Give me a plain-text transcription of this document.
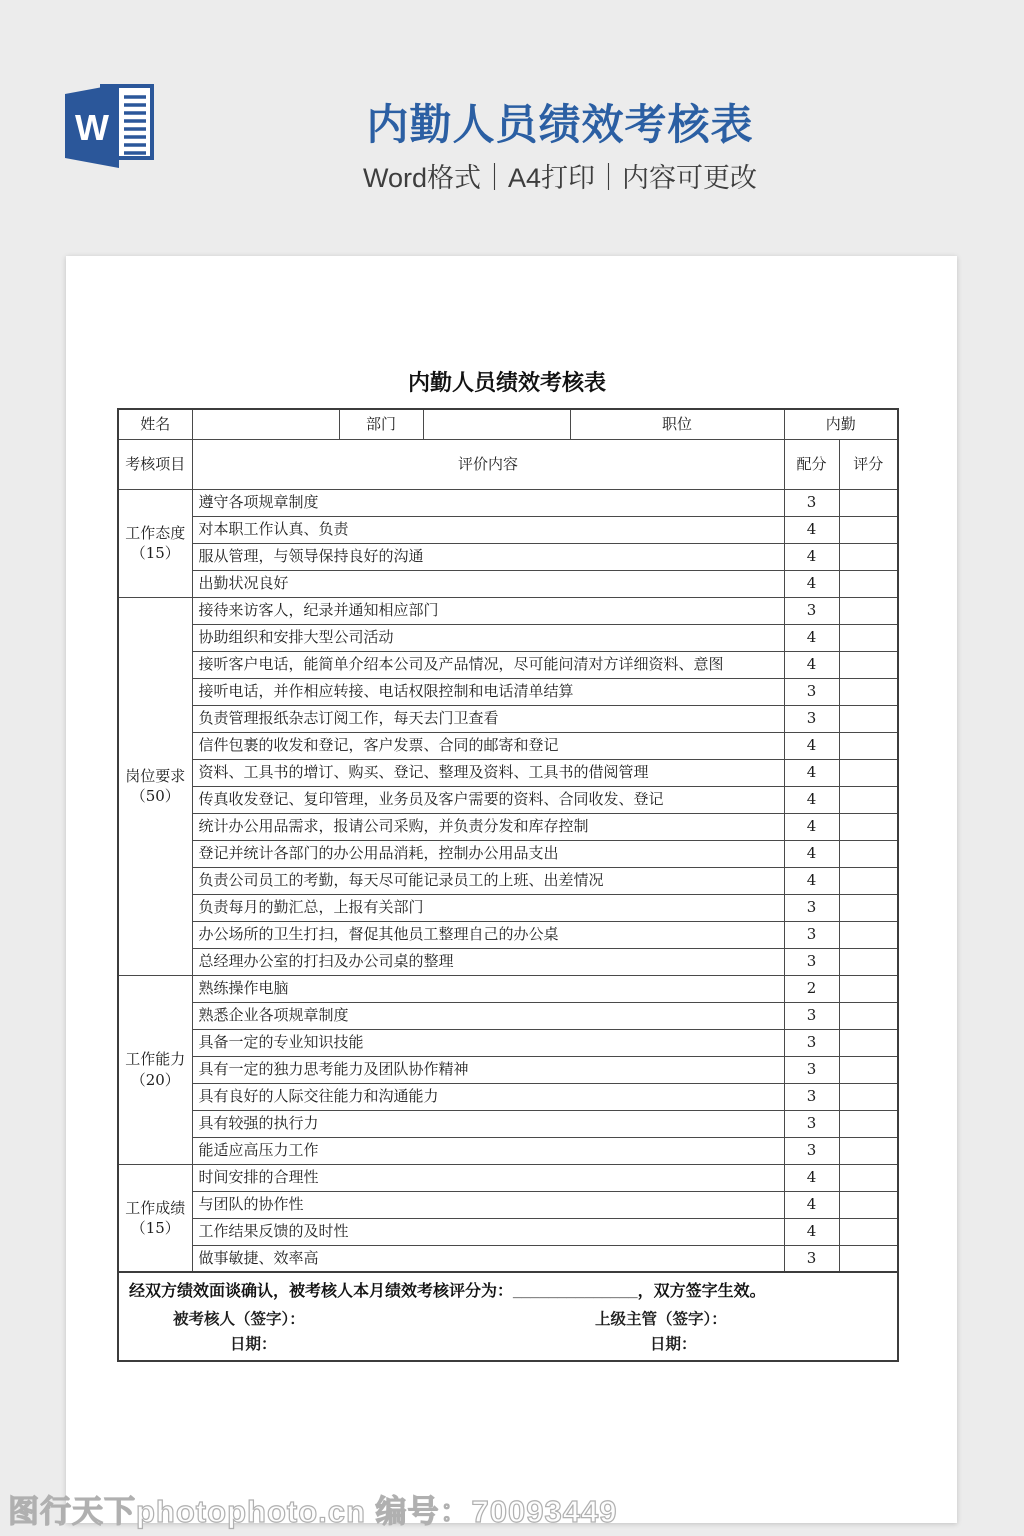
W	内勤人员绩效考核表
Word格式｜A4打印｜内容可更改
内勤人员绩效考核表
姓名		部门		职位	内勤	
考核项目	评价内容				配分	评分
工作态度（15）	遵守各项规章制度				3	
	对本职工作认真、负责				4	
	服从管理，与领导保持良好的沟通				4	
	出勤状况良好				4	
岗位要求（50）	接待来访客人，纪录并通知相应部门				3	
	协助组织和安排大型公司活动				4	
	接听客户电话，能简单介绍本公司及产品情况，尽可能问清对方详细资料、意图				4	
	接听电话，并作相应转接、电话权限控制和电话清单结算				3	
	负责管理报纸杂志订阅工作，每天去门卫查看				3	
	信件包裹的收发和登记，客户发票、合同的邮寄和登记				4	
	资料、工具书的增订、购买、登记、整理及资料、工具书的借阅管理				4	
	传真收发登记、复印管理，业务员及客户需要的资料、合同收发、登记				4	
	统计办公用品需求，报请公司采购，并负责分发和库存控制				4	
	登记并统计各部门的办公用品消耗，控制办公用品支出				4	
	负责公司员工的考勤，每天尽可能记录员工的上班、出差情况				4	
	负责每月的勤汇总，上报有关部门				3	
	办公场所的卫生打扫，督促其他员工整理自己的办公桌				3	
	总经理办公室的打扫及办公司桌的整理				3	
工作能力（20）	熟练操作电脑				2	
	熟悉企业各项规章制度				3	
	具备一定的专业知识技能				3	
	具有一定的独力思考能力及团队协作精神				3	
	具有良好的人际交往能力和沟通能力				3	
	具有较强的执行力				3	
	能适应高压力工作				3	
工作成绩（15）	时间安排的合理性				4	
	与团队的协作性				4	
	工作结果反馈的及时性				4	
	做事敏捷、效率高				3	

经双方绩效面谈确认，被考核人本月绩效考核评分为：______________，双方签字生效。
被考核人（签字）： 上级主管（签字）：
日期： 日期：						
图行天下photophoto.cn 编号：70093449
